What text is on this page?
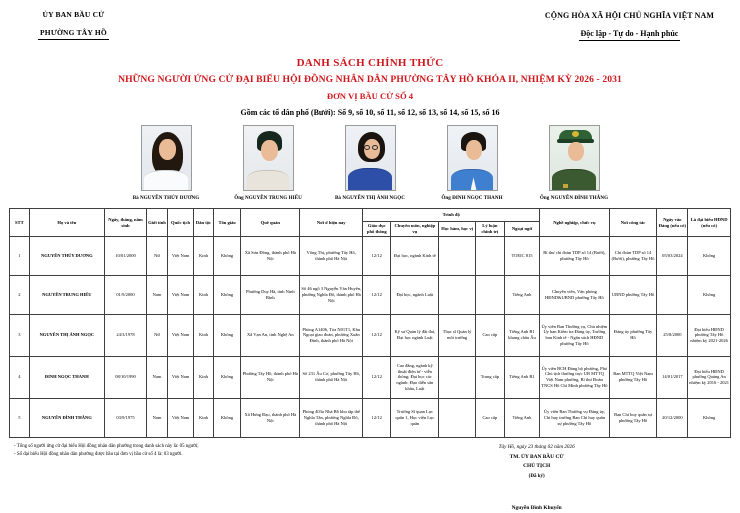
ỦY BAN BẦU CỬ
PHƯỜNG TÂY HỒ
CỘNG HÒA XÃ HỘI CHỦ NGHĨA VIỆT NAM
Độc lập - Tự do - Hạnh phúc
DANH SÁCH CHÍNH THỨC
NHỮNG NGƯỜI ỨNG CỬ ĐẠI BIỂU HỘI ĐỒNG NHÂN DÂN PHƯỜNG TÂY HỒ KHÓA II, NHIỆM KỲ 2026 - 2031
ĐƠN VỊ BẦU CỬ SỐ 4
Gồm các tổ dân phố (Bưởi): Số 9, số 10, số 11, số 12, số 13, số 14, số 15, số 16
Bà NGUYỄN THÚY DƯƠNG	Ông NGUYỄN TRUNG HIẾU	Bà NGUYỄN THỊ ÁNH NGỌC	Ông ĐINH NGỌC THANH	Ông NGUYỄN ĐÌNH THẮNG
STT	Họ và tên	Ngày, tháng, năm sinh	Giới tính	Quốc tịch	Dân tộc	Tôn giáo	Quê quán	Nơi ở hiện nay	Trình độ					Nghề nghiệp, chức vụ	Nơi công tác	Ngày vào Đảng (nếu có)	Là đại biểu HĐND (nếu có)
									Giáo dục phổ thông	Chuyên môn, nghiệp vụ	Học hàm, học vị	Lý luận chính trị	Ngoại ngữ				
1	NGUYỄN THÚY DƯƠNG	10/01/2000	Nữ	Việt Nam	Kinh	Không	Xã Sơn Đồng, thành phố Hà Nội	Võng Thị, phường Tây Hồ, thành phố Hà Nội	12/12	Đại học, ngành Kinh tế			TOEIC 815	Bí thư chi đoàn TDP số 14 (Bưởi), phường Tây Hồ	Chi đoàn TDP số 14 (Bưởi), phường Tây Hồ	05/03/2024	Không
2	NGUYỄN TRUNG HIẾU	01/9/2000	Nam	Việt Nam	Kinh	Không	Phường Duy Hà, tỉnh Ninh Bình	Số 46 ngõ 3 Nguyễn Văn Huyên, phường Nghĩa Đô, thành phố Hà Nội	12/12	Đại học, ngành Luật			Tiếng Anh	Chuyên viên, Văn phòng HĐND&UBND phường Tây Hồ	UBND phường Tây Hồ		Không
3	NGUYỄN THỊ ÁNH NGỌC	24/3/1978	Nữ	Việt Nam	Kinh	Không	Xã Vạn An, tỉnh Nghệ An	Phòng A1406, Tòa N01T1, Khu Ngoại giao đoàn, phường Xuân Đỉnh, thành phố Hà Nội	12/12	Kỹ sư Quản lý đất đai, Đại học ngành Luật	Thạc sĩ Quản lý môi trường	Cao cấp	Tiếng Anh B1 khung châu Âu	Ủy viên Ban Thường vụ, Chủ nhiệm Ủy ban Kiểm tra Đảng ủy, Trưởng ban Kinh tế - Ngân sách HĐND phường Tây Hồ	Đảng ủy phường Tây Hồ	25/8/2000	Đại biểu HĐND phường Tây Hồ nhiệm kỳ 2021-2026
4	ĐINH NGỌC THANH	08/10/1990	Nam	Việt Nam	Kinh	Không	Phường Tây Hồ, thành phố Hà Nội	Số 231 Âu Cơ, phường Tây Hồ, thành phố Hà Nội	12/12	Cao đẳng, ngành kỹ thuật điện tử - viễn thông; Đại học các ngành: Đạo diễn sân khấu, Luật		Trung cấp	Tiếng Anh B1	Ủy viên BCH Đảng bộ phường, Phó Chủ tịch thường trực UB MTTQ Việt Nam phường, Bí thư Đoàn TNCS Hồ Chí Minh phường Tây Hồ	Ban MTTQ Việt Nam phường Tây Hồ	14/01/2017	Đại biểu HĐND phường Quảng An nhiệm kỳ 2016 - 2021
5	NGUYỄN ĐÌNH THẮNG	03/9/1975	Nam	Việt Nam	Kinh	Không	Xã Hưng Đạo, thành phố Hà Nội	Phòng 403a Nhà B6 khu tập thể Nghĩa Tân, phường Nghĩa Đô, thành phố Hà Nội	12/12	Trường Sĩ quan Lục quân 1, Học viện Lục quân		Cao cấp	Tiếng Anh	Ủy viên Ban Thường vụ Đảng ủy, Chỉ huy trưởng Ban Chỉ huy quân sự phường Tây Hồ	Ban Chỉ huy quân sự phường Tây Hồ	20/12/2000	Không
- Tổng số người ứng cử đại biểu Hội đồng nhân dân phường trong danh sách này là: 05 người;
- Số đại biểu Hội đồng nhân dân phường được bầu tại đơn vị bầu cử số 4 là: 03 người.
Tây Hồ, ngày 23 tháng 02 năm 2026
TM. ỦY BAN BẦU CỬ
CHỦ TỊCH
(Đã ký)
Nguyễn Đình Khuyến
